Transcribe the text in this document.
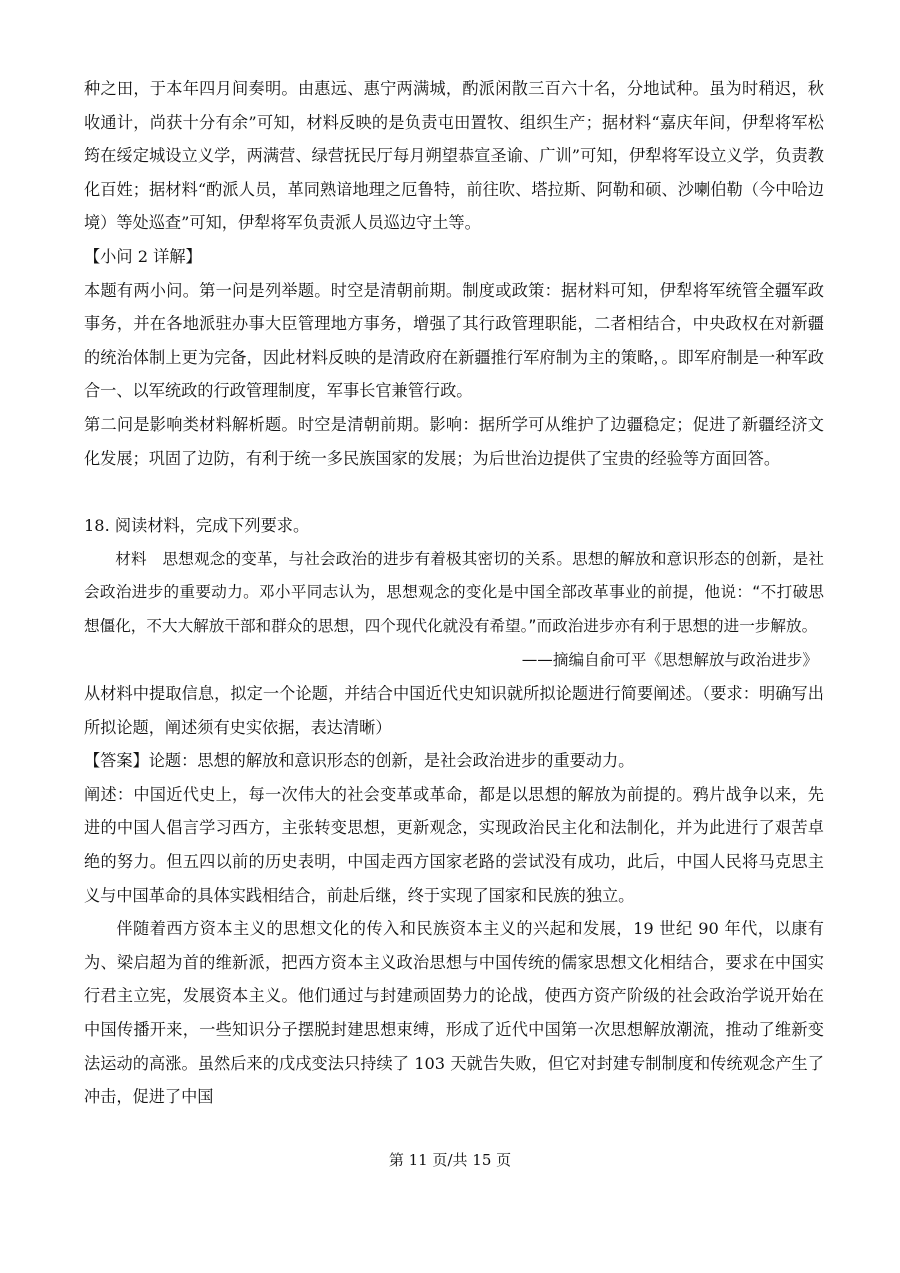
种之田，于本年四月间奏明。由惠远、惠宁两满城，酌派闲散三百六十名，分地试种。虽为时稍迟，秋收通计，尚获十分有余”可知，材料反映的是负责屯田置牧、组织生产；据材料“嘉庆年间，伊犁将军松筠在绥定城设立义学，两满营、绿营抚民厅每月朔望恭宣圣谕、广训”可知，伊犁将军设立义学，负责教化百姓；据材料“酌派人员，革同熟谙地理之厄鲁特，前往吹、塔拉斯、阿勒和硕、沙喇伯勒（今中哈边境）等处巡查”可知，伊犁将军负责派人员巡边守土等。

【小问 2 详解】

本题有两小问。第一问是列举题。时空是清朝前期。制度或政策：据材料可知，伊犁将军统管全疆军政事务，并在各地派驻办事大臣管理地方事务，增强了其行政管理职能，二者相结合，中央政权在对新疆的统治体制上更为完备，因此材料反映的是清政府在新疆推行军府制为主的策略，。即军府制是一种军政合一、以军统政的行政管理制度，军事长官兼管行政。

第二问是影响类材料解析题。时空是清朝前期。影响：据所学可从维护了边疆稳定；促进了新疆经济文化发展；巩固了边防，有利于统一多民族国家的发展；为后世治边提供了宝贵的经验等方面回答。

18. 阅读材料，完成下列要求。

材料　思想观念的变革，与社会政治的进步有着极其密切的关系。思想的解放和意识形态的创新，是社会政治进步的重要动力。邓小平同志认为，思想观念的变化是中国全部改革事业的前提，他说：“不打破思想僵化，不大大解放干部和群众的思想，四个现代化就没有希望。”而政治进步亦有利于思想的进一步解放。

——摘编自俞可平《思想解放与政治进步》

从材料中提取信息，拟定一个论题，并结合中国近代史知识就所拟论题进行简要阐述。（要求：明确写出所拟论题，阐述须有史实依据，表达清晰）

【答案】论题：思想的解放和意识形态的创新，是社会政治进步的重要动力。

阐述：中国近代史上，每一次伟大的社会变革或革命，都是以思想的解放为前提的。鸦片战争以来，先进的中国人倡言学习西方，主张转变思想，更新观念，实现政治民主化和法制化，并为此进行了艰苦卓绝的努力。但五四以前的历史表明，中国走西方国家老路的尝试没有成功，此后，中国人民将马克思主义与中国革命的具体实践相结合，前赴后继，终于实现了国家和民族的独立。

伴随着西方资本主义的思想文化的传入和民族资本主义的兴起和发展，19 世纪 90 年代，以康有为、梁启超为首的维新派，把西方资本主义政治思想与中国传统的儒家思想文化相结合，要求在中国实行君主立宪，发展资本主义。他们通过与封建顽固势力的论战，使西方资产阶级的社会政治学说开始在中国传播开来，一些知识分子摆脱封建思想束缚，形成了近代中国第一次思想解放潮流，推动了维新变法运动的高涨。虽然后来的戊戌变法只持续了 103 天就告失败，但它对封建专制制度和传统观念产生了冲击，促进了中国

第 11 页/共 15 页
